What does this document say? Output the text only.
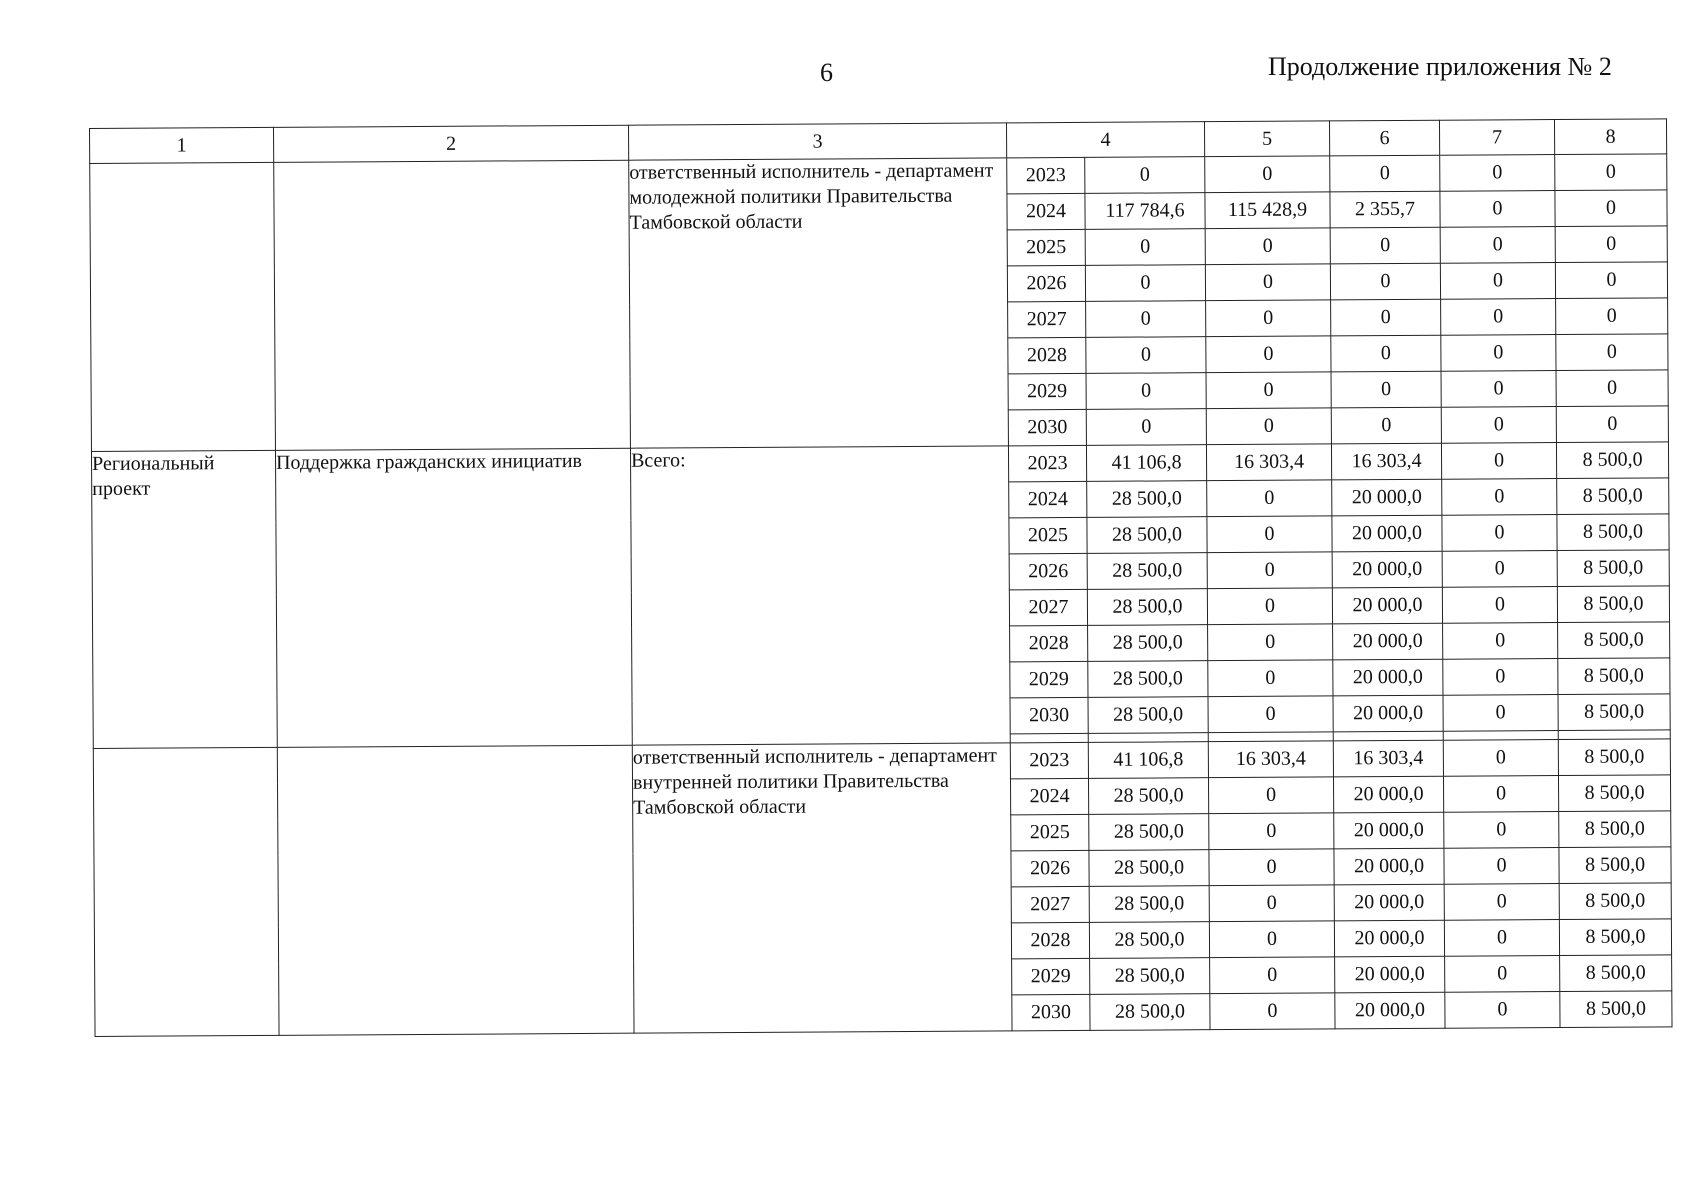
6	Продолжение приложения № 2
1	2	3	4		5	6	7	8
		ответственный исполнитель - департамент молодежной политики Правительства Тамбовской области	2023	0	0	0	0	0
			2024	117 784,6	115 428,9	2 355,7	0	0
			2025	0	0	0	0	0
			2026	0	0	0	0	0
			2027	0	0	0	0	0
			2028	0	0	0	0	0
			2029	0	0	0	0	0
			2030	0	0	0	0	0
Региональный проект	Поддержка гражданских инициатив	Всего:	2023	41 106,8	16 303,4	16 303,4	0	8 500,0
			2024	28 500,0	0	20 000,0	0	8 500,0
			2025	28 500,0	0	20 000,0	0	8 500,0
			2026	28 500,0	0	20 000,0	0	8 500,0
			2027	28 500,0	0	20 000,0	0	8 500,0
			2028	28 500,0	0	20 000,0	0	8 500,0
			2029	28 500,0	0	20 000,0	0	8 500,0
			2030	28 500,0	0	20 000,0	0	8 500,0

		ответственный исполнитель - департамент внутренней политики Правительства Тамбовской области	2023	41 106,8	16 303,4	16 303,4	0	8 500,0
			2024	28 500,0	0	20 000,0	0	8 500,0
			2025	28 500,0	0	20 000,0	0	8 500,0
			2026	28 500,0	0	20 000,0	0	8 500,0
			2027	28 500,0	0	20 000,0	0	8 500,0
			2028	28 500,0	0	20 000,0	0	8 500,0
			2029	28 500,0	0	20 000,0	0	8 500,0
			2030	28 500,0	0	20 000,0	0	8 500,0
